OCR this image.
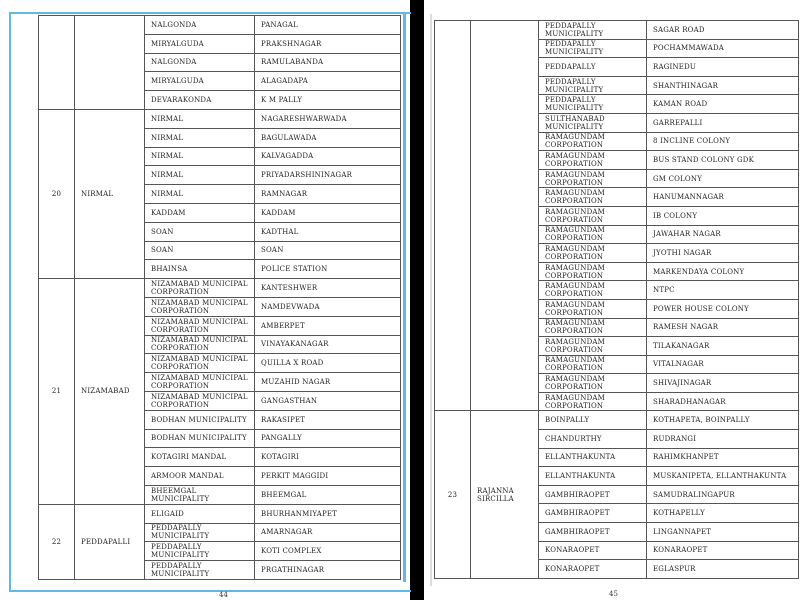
		NALGONDA	PANAGAL
		MIRYALGUDA	PRAKSHNAGAR
		NALGONDA	RAMULABANDA
		MIRYALGUDA	ALAGADAPA
		DEVARAKONDA	K M PALLY
20	NIRMAL	NIRMAL	NAGARESHWARWADA
		NIRMAL	BAGULAWADA
		NIRMAL	KALVAGADDA
		NIRMAL	PRIYADARSHININAGAR
		NIRMAL	RAMNAGAR
		KADDAM	KADDAM
		SOAN	KADTHAL
		SOAN	SOAN
		BHAINSA	POLICE STATION
21	NIZAMABAD	NIZAMABAD MUNICIPAL CORPORATION	KANTESHWER
		NIZAMABAD MUNICIPAL CORPORATION	NAMDEVWADA
		NIZAMABAD MUNICIPAL CORPORATION	AMBERPET
		NIZAMABAD MUNICIPAL CORPORATION	VINAYAKANAGAR
		NIZAMABAD MUNICIPAL CORPORATION	QUILLA X ROAD
		NIZAMABAD MUNICIPAL CORPORATION	MUZAHID NAGAR
		NIZAMABAD MUNICIPAL CORPORATION	GANGASTHAN
		BODHAN MUNICIPALITY	RAKASIPET
		BODHAN MUNICIPALITY	PANGALLY
		KOTAGIRI MANDAL	KOTAGIRI
		ARMOOR MANDAL	PERKIT MAGGIDI
		BHEEMGAL MUNICIPALITY	BHEEMGAL
22	PEDDAPALLI	ELIGAID	BHURHANMIYAPET
		PEDDAPALLY MUNICIPALITY	AMARNAGAR
		PEDDAPALLY MUNICIPALITY	KOTI COMPLEX
		PEDDAPALLY MUNICIPALITY	PRGATHINAGAR
		PEDDAPALLY MUNICIPALITY	SAGAR ROAD
		PEDDAPALLY MUNICIPALITY	POCHAMMAWADA
		PEDDAPALLY	RAGINEDU
		PEDDAPALLY MUNICIPALITY	SHANTHINAGAR
		PEDDAPALLY MUNICIPALITY	KAMAN ROAD
		SULTHANABAD MUNICIPALITY	GARREPALLI
		RAMAGUNDAM CORPORATION	8 INCLINE COLONY
		RAMAGUNDAM CORPORATION	BUS STAND COLONY GDK
		RAMAGUNDAM CORPORATION	GM COLONY
		RAMAGUNDAM CORPORATION	HANUMANNAGAR
		RAMAGUNDAM CORPORATION	IB COLONY
		RAMAGUNDAM CORPORATION	JAWAHAR NAGAR
		RAMAGUNDAM CORPORATION	JYOTHI NAGAR
		RAMAGUNDAM CORPORATION	MARKENDAYA COLONY
		RAMAGUNDAM CORPORATION	NTPC
		RAMAGUNDAM CORPORATION	POWER HOUSE COLONY
		RAMAGUNDAM CORPORATION	RAMESH NAGAR
		RAMAGUNDAM CORPORATION	TILAKANAGAR
		RAMAGUNDAM CORPORATION	VITALNAGAR
		RAMAGUNDAM CORPORATION	SHIVAJINAGAR
		RAMAGUNDAM CORPORATION	SHARADHANAGAR
23	RAJANNA SIRCILLA	BOINPALLY	KOTHAPETA, BOINPALLY
		CHANDURTHY	RUDRANGI
		ELLANTHAKUNTA	RAHIMKHANPET
		ELLANTHAKUNTA	MUSKANIPETA, ELLANTHAKUNTA
		GAMBHIRAOPET	SAMUDRALINGAPUR
		GAMBHIRAOPET	KOTHAPELLY
		GAMBHIRAOPET	LINGANNAPET
		KONARAOPET	KONARAOPET
		KONARAOPET	EGLASPUR
44	45
